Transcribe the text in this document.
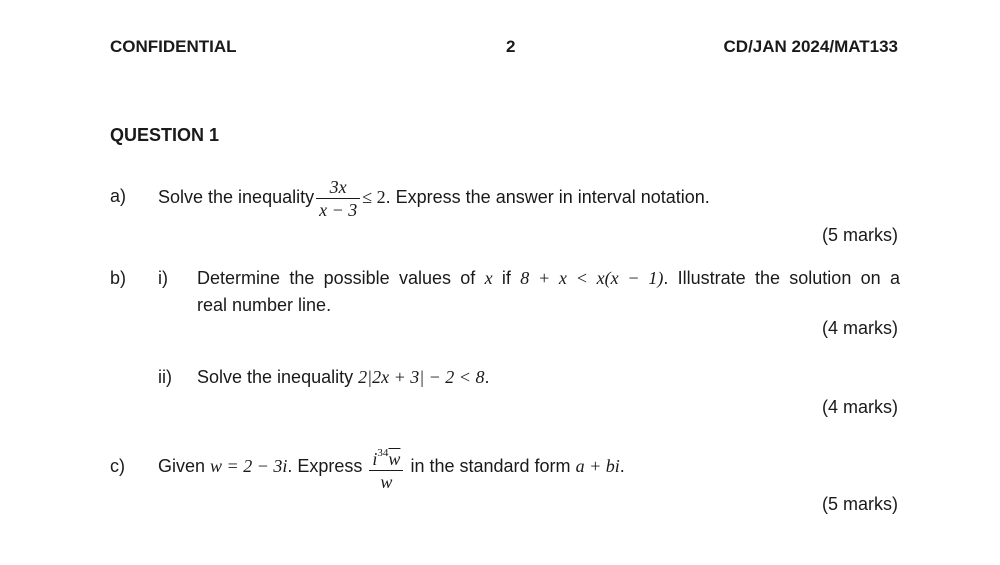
CONFIDENTIAL	2	CD/JAN 2024/MAT133
QUESTION 1
a) Solve the inequality $\frac{3x}{x - 3} \le 2$. Express the answer in interval notation.
(5 marks)
b) i) Determine the possible values of x if 8 + x < x(x − 1). Illustrate the solution on a
real number line.
(4 marks)
ii) Solve the inequality 2|2x + 3| − 2 < 8.
(4 marks)
c) Given w = 2 − 3i. Express $\frac{i^{34}\overline{w}}{w}$ in the standard form a + bi.
(5 marks)
